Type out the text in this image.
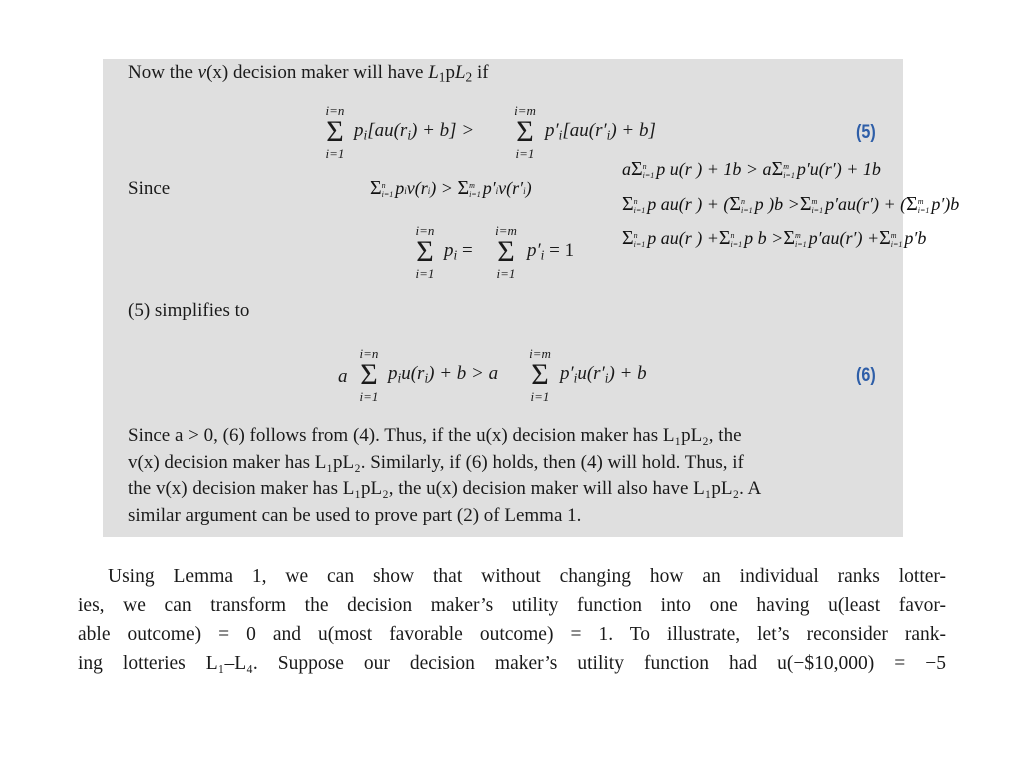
Now the v(x) decision maker will have $L_1pL_2$ if
i=n
Σ
i=1
$p_i[au(r_i) + b]$ >
i=m
Σ
i=1
$p'_i[au(r'_i) + b]$	(5)
Since	Σ n
i=1 piv(ri) > Σ m
i=1 p′iv(r′i)
i=n
Σ
i=1
$p_i$ =
i=m
Σ
i=1
$p'_i = 1$
(5) simplifies to
a
i=n
Σ
i=1
$p_iu(r_i) + b > a$
i=m
Σ
i=1
$p'_iu(r'_i) + b$	(6)
Since a > 0, (6) follows from (4). Thus, if the u(x) decision maker has L₁pL₂, the
v(x) decision maker has L₁pL₂. Similarly, if (6) holds, then (4) will hold. Thus, if
the v(x) decision maker has L₁pL₂, the u(x) decision maker will also have L₁pL₂. A
similar argument can be used to prove part (2) of Lemma 1.
aΣ n
i=1 p u(r ) + 1b > aΣ m
i=1 p′u(r′) + 1b
Σ n
i=1 p au(r ) + (Σ n
i=1 p )b >Σ m
i=1 p′au(r′) + (Σ m
i=1 p′)b
Σ n
i=1 p au(r ) +Σ n
i=1 p b >Σ m
i=1 p′au(r′) +Σ m
i=1 p′b
Using Lemma 1, we can show that without changing how an individual ranks lotter-
ies, we can transform the decision maker’s utility function into one having u(least favor-
able outcome) = 0 and u(most favorable outcome) = 1. To illustrate, let’s reconsider rank-
ing lotteries L₁–L₄. Suppose our decision maker’s utility function had u(−$10,000) = −5
